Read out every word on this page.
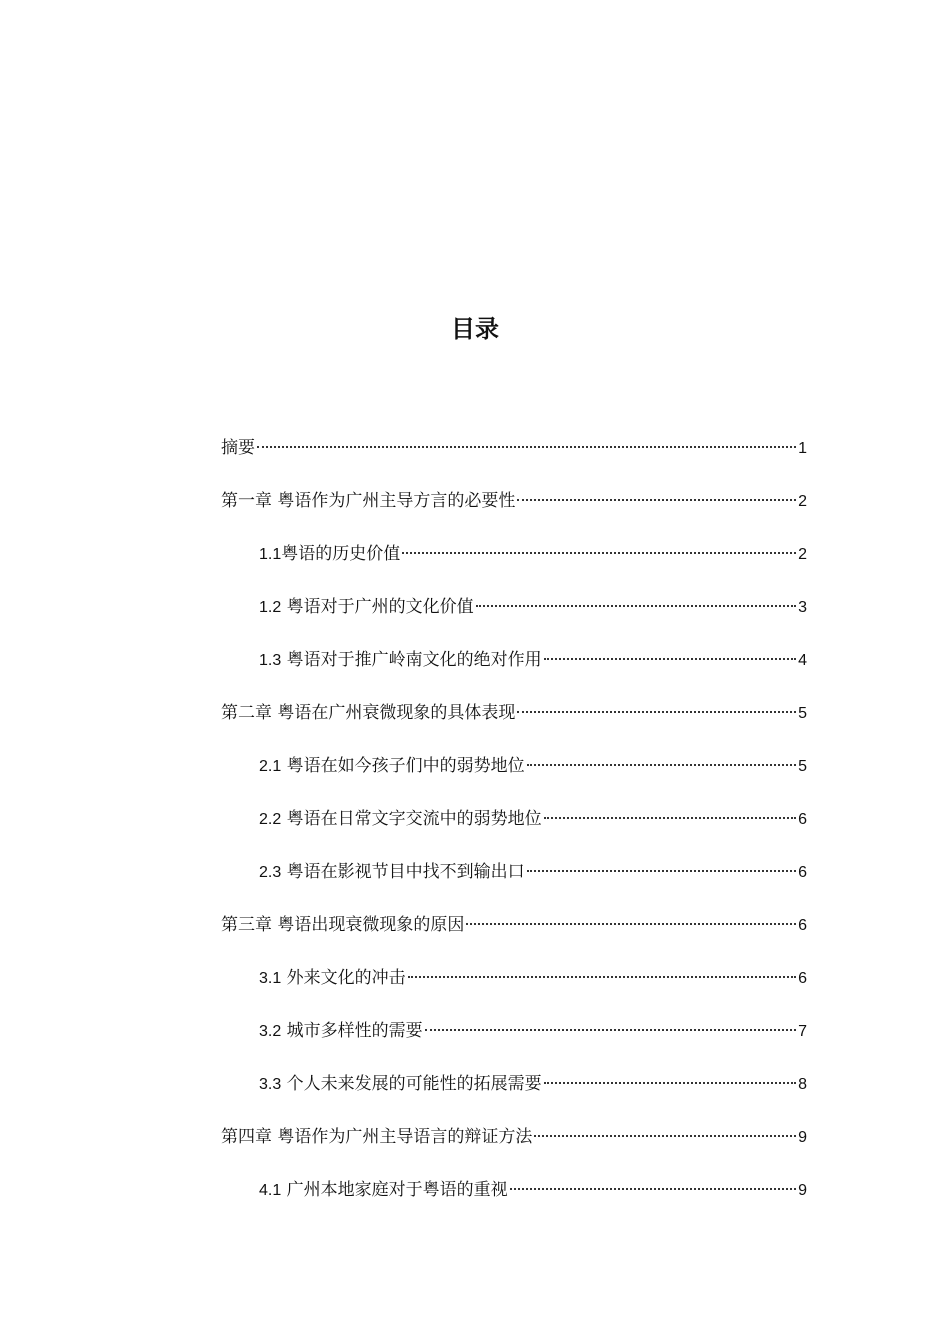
目录
摘要	1
第一章 粤语作为广州主导方言的必要性	2
1.1粤语的历史价值	2
1.2 粤语对于广州的文化价值	3
1.3 粤语对于推广岭南文化的绝对作用	4
第二章 粤语在广州衰微现象的具体表现	5
2.1 粤语在如今孩子们中的弱势地位	5
2.2 粤语在日常文字交流中的弱势地位	6
2.3 粤语在影视节目中找不到输出口	6
第三章 粤语出现衰微现象的原因	6
3.1 外来文化的冲击	6
3.2 城市多样性的需要	7
3.3 个人未来发展的可能性的拓展需要	8
第四章 粤语作为广州主导语言的辩证方法	9
4.1 广州本地家庭对于粤语的重视	9
